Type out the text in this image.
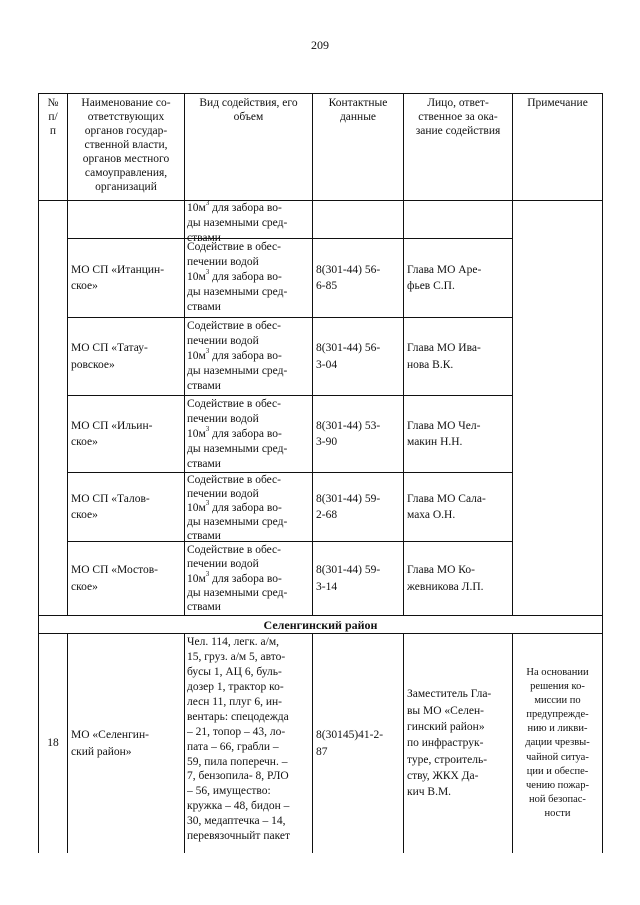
209
№
п/
п
Наименование со-
ответствующих
органов государ-
ственной власти,
органов местного
самоуправления,
организаций
Вид содействия, его
объем
Контактные
данные
Лицо, ответ-
ственное за ока-
зание содействия
Примечание
$10м^3$ для забора во-
ды наземными сред-
ствами
МО СП «Итанцин-
ское»
Содействие в обес-
печении водой
$10м^3$ для забора во-
ды наземными сред-
ствами
8(301-44) 56-
6-85
Глава МО Аре-
фьев С.П.
МО СП «Татау-
ровское»
Содействие в обес-
печении водой
$10м^3$ для забора во-
ды наземными сред-
ствами
8(301-44) 56-
3-04
Глава МО Ива-
нова В.К.
МО СП «Ильин-
ское»
Содействие в обес-
печении водой
$10м^3$ для забора во-
ды наземными сред-
ствами
8(301-44) 53-
3-90
Глава МО Чел-
макин Н.Н.
МО СП «Талов-
ское»
Содействие в обес-
печении водой
$10м^3$ для забора во-
ды наземными сред-
ствами
8(301-44) 59-
2-68
Глава МО Сала-
маха О.Н.
МО СП «Мостов-
ское»
Содействие в обес-
печении водой
$10м^3$ для забора во-
ды наземными сред-
ствами
8(301-44) 59-
3-14
Глава МО Ко-
жевникова Л.П.
Селенгинский район
18
МО «Селенгин-
ский район»
Чел. 114, легк. а/м,
15, груз. а/м 5, авто-
бусы 1, АЦ 6, буль-
дозер 1, трактор ко-
лесн 11, плуг 6, ин-
вентарь: спецодежда
– 21, топор – 43, ло-
пата – 66, грабли –
59, пила поперечн. –
7, бензопила- 8, РЛО
– 56, имущество:
кружка – 48, бидон –
30, медаптечка – 14,
перевязочныйт пакет
8(30145)41-2-
87
Заместитель Гла-
вы МО «Селен-
гинский район»
по инфраструк-
туре, строитель-
ству, ЖКХ Да-
кич В.М.
На основании
решения ко-
миссии по
предупрежде-
нию и ликви-
дации чрезвы-
чайной ситуа-
ции и обеспе-
чению пожар-
ной безопас-
ности
